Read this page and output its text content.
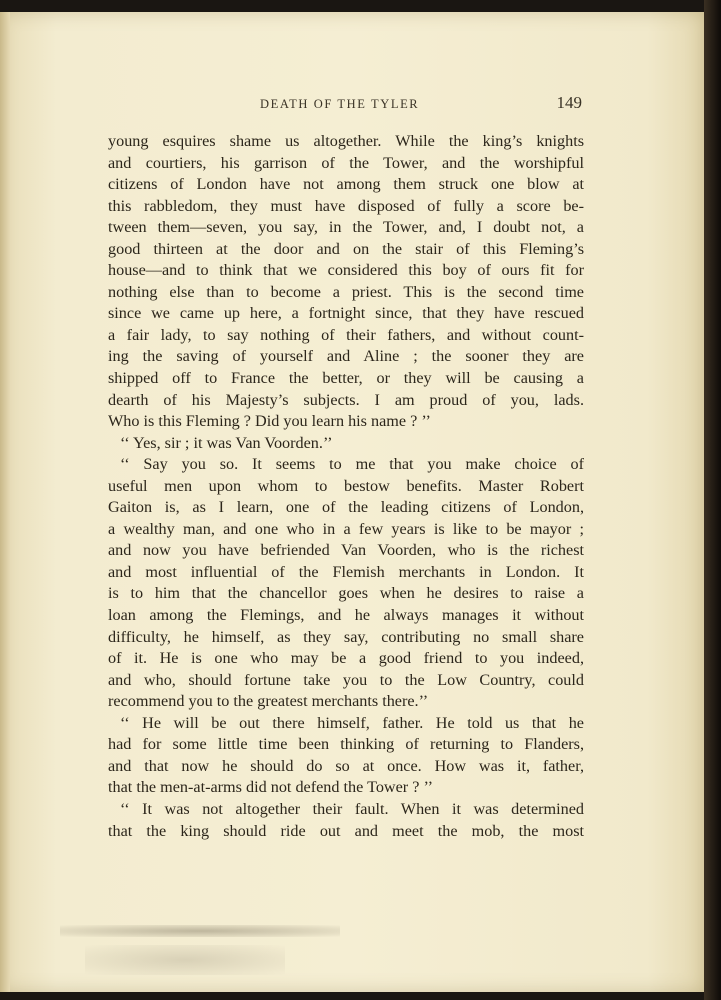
DEATH OF THE TYLER	149
young esquires shame us altogether. While the king’s knights
and courtiers, his garrison of the Tower, and the worshipful
citizens of London have not among them struck one blow at
this rabbledom, they must have disposed of fully a score be-
tween them—seven, you say, in the Tower, and, I doubt not, a
good thirteen at the door and on the stair of this Fleming’s
house—and to think that we considered this boy of ours fit for
nothing else than to become a priest. This is the second time
since we came up here, a fortnight since, that they have rescued
a fair lady, to say nothing of their fathers, and without count-
ing the saving of yourself and Aline ; the sooner they are
shipped off to France the better, or they will be causing a
dearth of his Majesty’s subjects. I am proud of you, lads.
Who is this Fleming ? Did you learn his name ? ’’
‘‘ Yes, sir ; it was Van Voorden.’’
‘‘ Say you so. It seems to me that you make choice of
useful men upon whom to bestow benefits. Master Robert
Gaiton is, as I learn, one of the leading citizens of London,
a wealthy man, and one who in a few years is like to be mayor ;
and now you have befriended Van Voorden, who is the richest
and most influential of the Flemish merchants in London. It
is to him that the chancellor goes when he desires to raise a
loan among the Flemings, and he always manages it without
difficulty, he himself, as they say, contributing no small share
of it. He is one who may be a good friend to you indeed,
and who, should fortune take you to the Low Country, could
recommend you to the greatest merchants there.’’
‘‘ He will be out there himself, father. He told us that he
had for some little time been thinking of returning to Flanders,
and that now he should do so at once. How was it, father,
that the men-at-arms did not defend the Tower ? ’’
‘‘ It was not altogether their fault. When it was determined
that the king should ride out and meet the mob, the most
